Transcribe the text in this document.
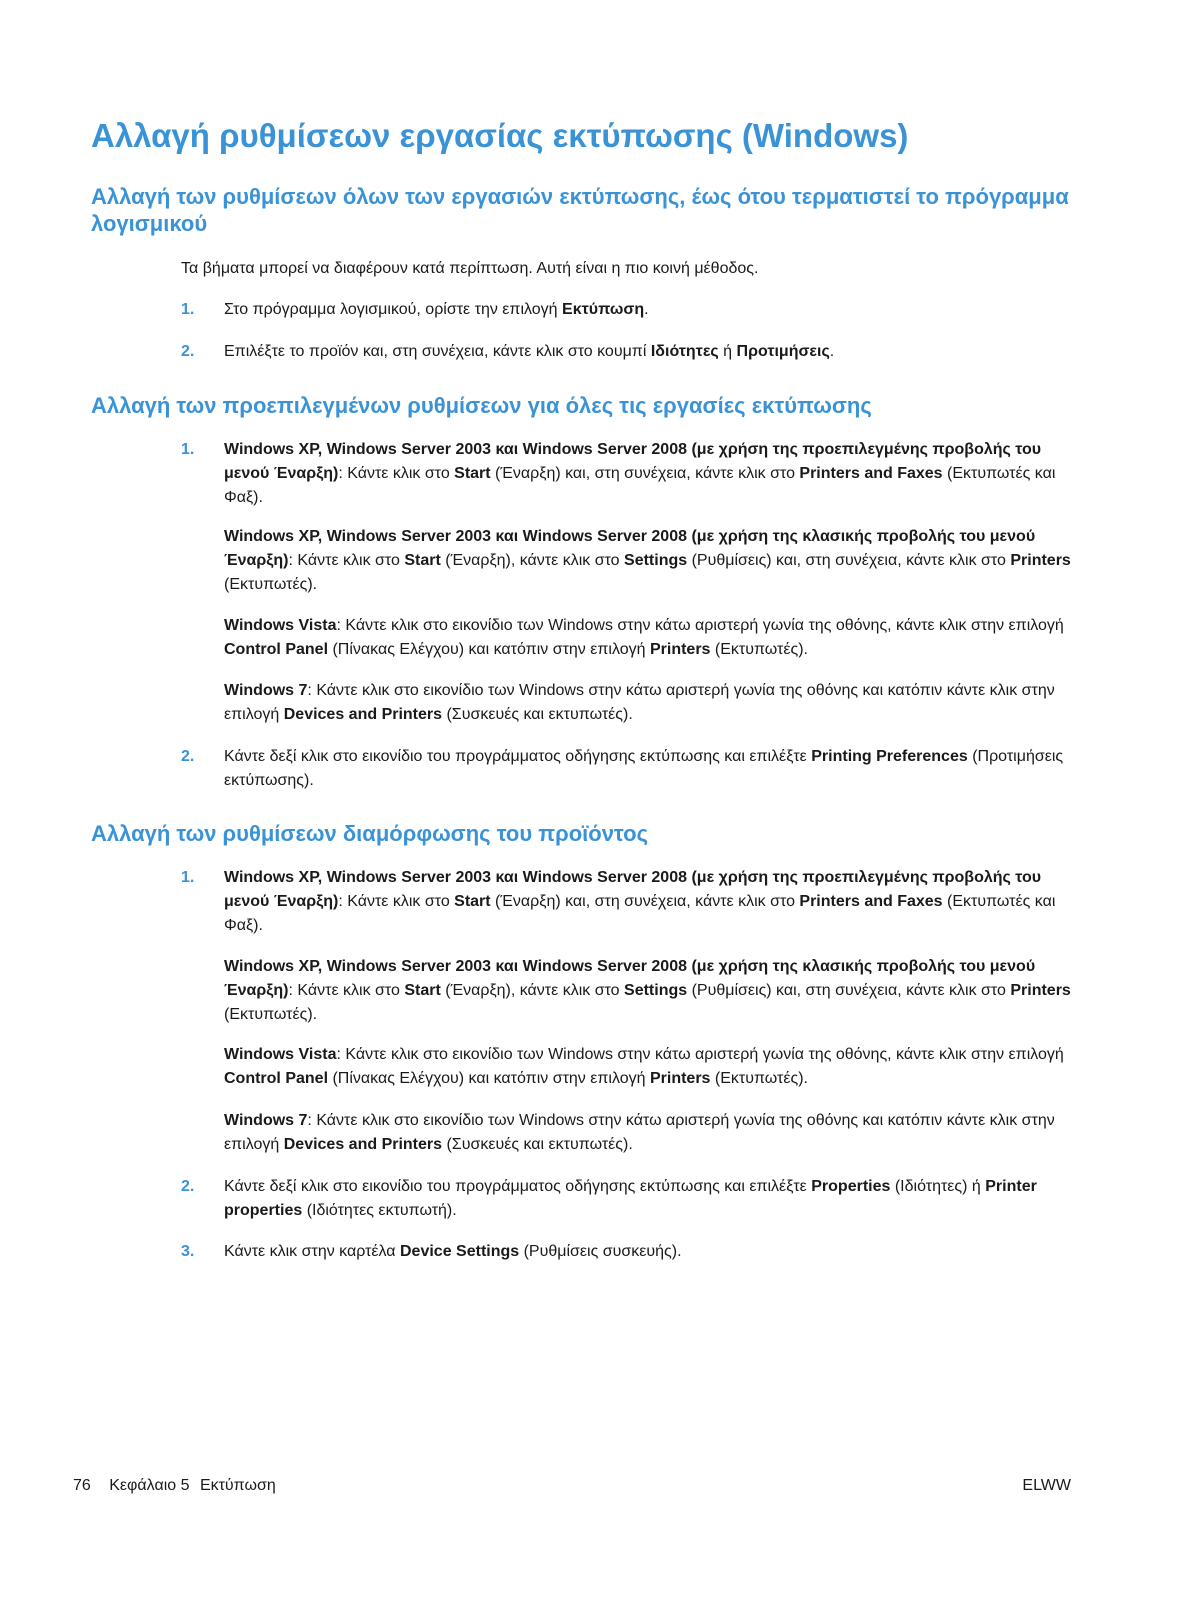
Αλλαγή ρυθμίσεων εργασίας εκτύπωσης (Windows)
Αλλαγή των ρυθμίσεων όλων των εργασιών εκτύπωσης, έως ότου τερματιστεί το πρόγραμμα λογισμικού
Τα βήματα μπορεί να διαφέρουν κατά περίπτωση. Αυτή είναι η πιο κοινή μέθοδος.
1.	Στο πρόγραμμα λογισμικού, ορίστε την επιλογή Εκτύπωση.
2.	Επιλέξτε το προϊόν και, στη συνέχεια, κάντε κλικ στο κουμπί Ιδιότητες ή Προτιμήσεις.
Αλλαγή των προεπιλεγμένων ρυθμίσεων για όλες τις εργασίες εκτύπωσης
1.	Windows XP, Windows Server 2003 και Windows Server 2008 (με χρήση της προεπιλεγμένης προβολής του μενού Έναρξη): Κάντε κλικ στο Start (Έναρξη) και, στη συνέχεια, κάντε κλικ στο Printers and Faxes (Εκτυπωτές και Φαξ).
Windows XP, Windows Server 2003 και Windows Server 2008 (με χρήση της κλασικής προβολής του μενού Έναρξη): Κάντε κλικ στο Start (Έναρξη), κάντε κλικ στο Settings (Ρυθμίσεις) και, στη συνέχεια, κάντε κλικ στο Printers (Εκτυπωτές).
Windows Vista: Κάντε κλικ στο εικονίδιο των Windows στην κάτω αριστερή γωνία της οθόνης, κάντε κλικ στην επιλογή Control Panel (Πίνακας Ελέγχου) και κατόπιν στην επιλογή Printers (Εκτυπωτές).
Windows 7: Κάντε κλικ στο εικονίδιο των Windows στην κάτω αριστερή γωνία της οθόνης και κατόπιν κάντε κλικ στην επιλογή Devices and Printers (Συσκευές και εκτυπωτές).
2.	Κάντε δεξί κλικ στο εικονίδιο του προγράμματος οδήγησης εκτύπωσης και επιλέξτε Printing Preferences (Προτιμήσεις εκτύπωσης).
Αλλαγή των ρυθμίσεων διαμόρφωσης του προϊόντος
1.	Windows XP, Windows Server 2003 και Windows Server 2008 (με χρήση της προεπιλεγμένης προβολής του μενού Έναρξη): Κάντε κλικ στο Start (Έναρξη) και, στη συνέχεια, κάντε κλικ στο Printers and Faxes (Εκτυπωτές και Φαξ).
Windows XP, Windows Server 2003 και Windows Server 2008 (με χρήση της κλασικής προβολής του μενού Έναρξη): Κάντε κλικ στο Start (Έναρξη), κάντε κλικ στο Settings (Ρυθμίσεις) και, στη συνέχεια, κάντε κλικ στο Printers (Εκτυπωτές).
Windows Vista: Κάντε κλικ στο εικονίδιο των Windows στην κάτω αριστερή γωνία της οθόνης, κάντε κλικ στην επιλογή Control Panel (Πίνακας Ελέγχου) και κατόπιν στην επιλογή Printers (Εκτυπωτές).
Windows 7: Κάντε κλικ στο εικονίδιο των Windows στην κάτω αριστερή γωνία της οθόνης και κατόπιν κάντε κλικ στην επιλογή Devices and Printers (Συσκευές και εκτυπωτές).
2.	Κάντε δεξί κλικ στο εικονίδιο του προγράμματος οδήγησης εκτύπωσης και επιλέξτε Properties (Ιδιότητες) ή Printer properties (Ιδιότητες εκτυπωτή).
3.	Κάντε κλικ στην καρτέλα Device Settings (Ρυθμίσεις συσκευής).
76 Κεφάλαιο 5 Εκτύπωση	ELWW
